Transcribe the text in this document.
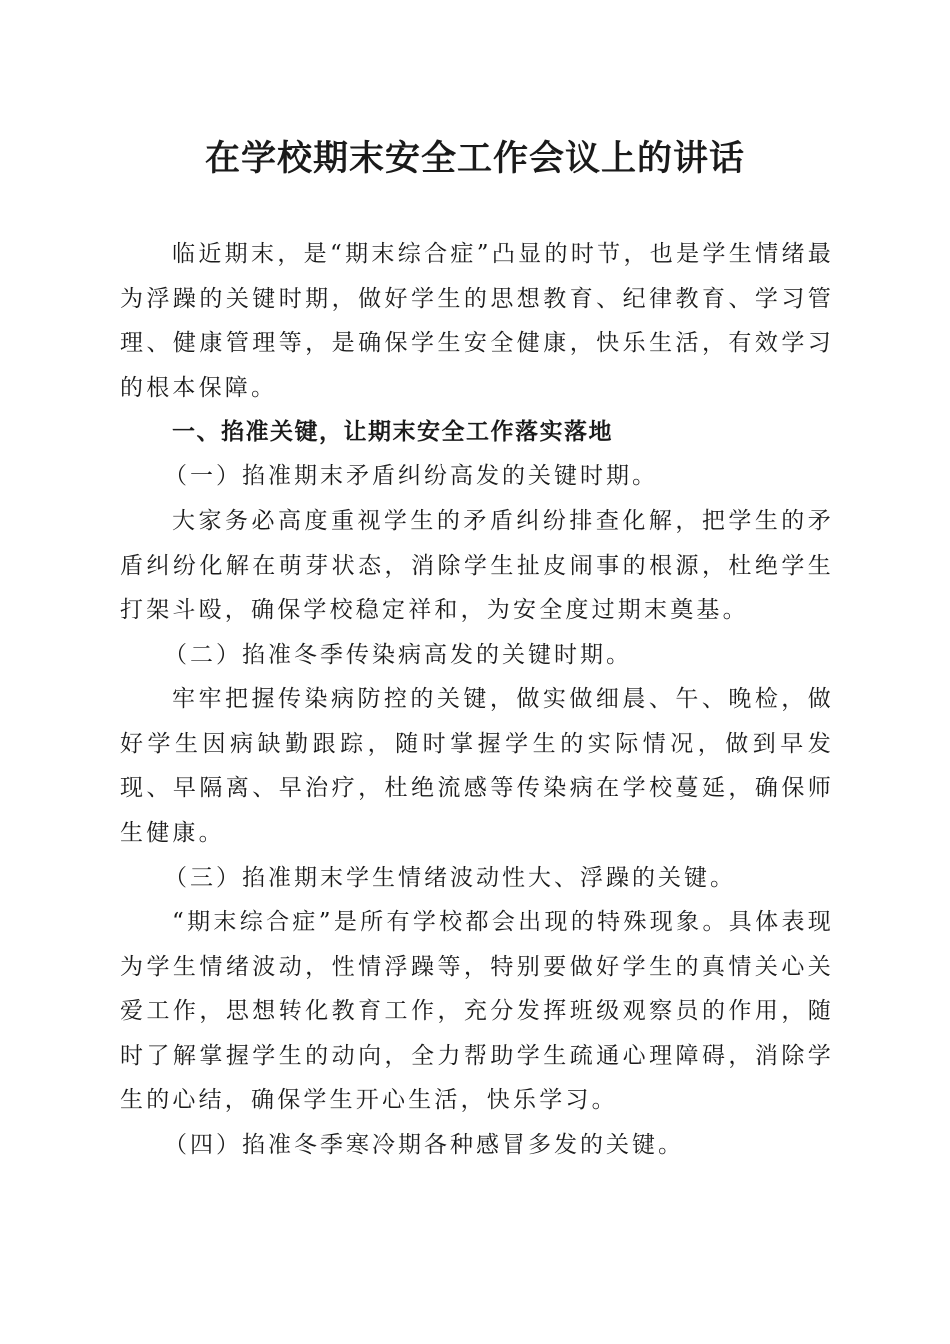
在学校期末安全工作会议上的讲话

临近期末，是“期末综合症”凸显的时节，也是学生情绪最为浮躁的关键时期，做好学生的思想教育、纪律教育、学习管理、健康管理等，是确保学生安全健康，快乐生活，有效学习的根本保障。

一、掐准关键，让期末安全工作落实落地

（一）掐准期末矛盾纠纷高发的关键时期。

大家务必高度重视学生的矛盾纠纷排查化解，把学生的矛盾纠纷化解在萌芽状态，消除学生扯皮闹事的根源，杜绝学生打架斗殴，确保学校稳定祥和，为安全度过期末奠基。

（二）掐准冬季传染病高发的关键时期。

牢牢把握传染病防控的关键，做实做细晨、午、晚检，做好学生因病缺勤跟踪，随时掌握学生的实际情况，做到早发现、早隔离、早治疗，杜绝流感等传染病在学校蔓延，确保师生健康。

（三）掐准期末学生情绪波动性大、浮躁的关键。

“期末综合症”是所有学校都会出现的特殊现象。具体表现为学生情绪波动，性情浮躁等，特别要做好学生的真情关心关爱工作，思想转化教育工作，充分发挥班级观察员的作用，随时了解掌握学生的动向，全力帮助学生疏通心理障碍，消除学生的心结，确保学生开心生活，快乐学习。

（四）掐准冬季寒冷期各种感冒多发的关键。
